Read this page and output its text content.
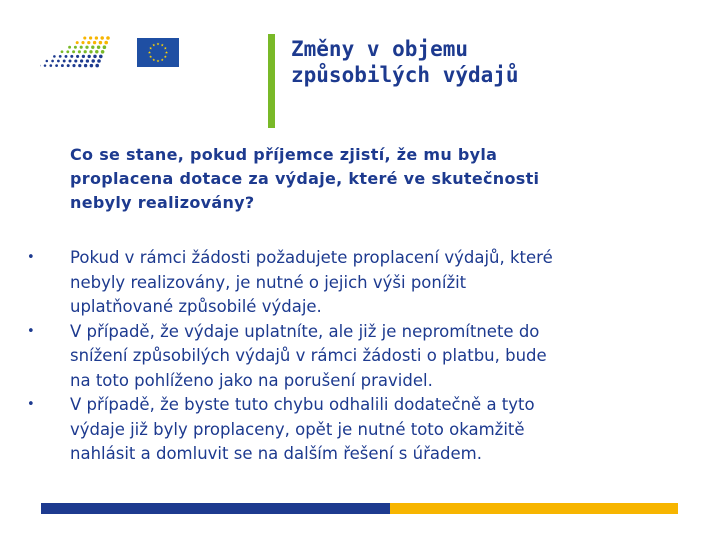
Změny v objemu
způsobilých výdajů

Co se stane, pokud příjemce zjistí, že mu byla
proplacena dotace za výdaje, které ve skutečnosti
nebyly realizovány?

•	Pokud v rámci žádosti požadujete proplacení výdajů, které
nebyly realizovány, je nutné o jejich výši ponížit
uplatňované způsobilé výdaje.
•	V případě, že výdaje uplatníte, ale již je nepromítnete do
snížení způsobilých výdajů v rámci žádosti o platbu, bude
na toto pohlíženo jako na porušení pravidel.
•	V případě, že byste tuto chybu odhalili dodatečně a tyto
výdaje již byly proplaceny, opět je nutné toto okamžitě
nahlásit a domluvit se na dalším řešení s úřadem.
